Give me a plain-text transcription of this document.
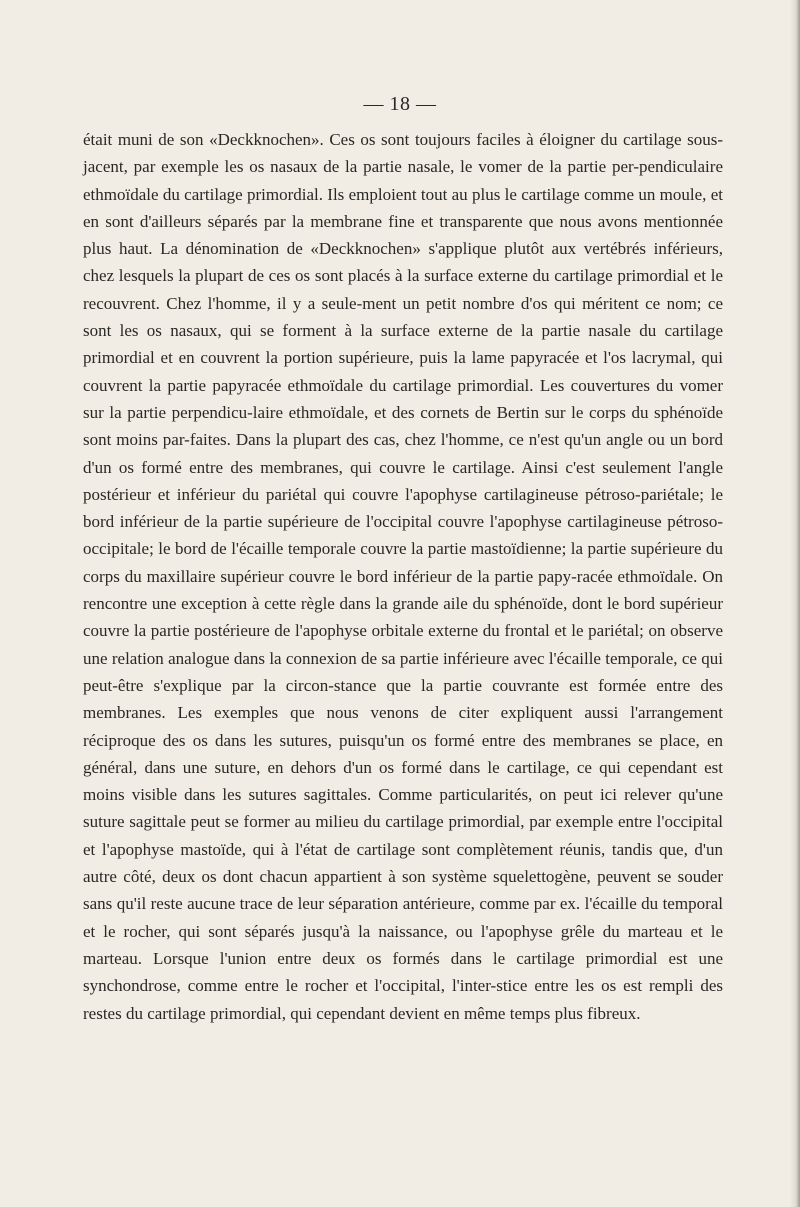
— 18 —

était muni de son «Deckknochen». Ces os sont toujours faciles à éloigner du cartilage sous-jacent, par exemple les os nasaux de la partie nasale, le vomer de la partie per-pendiculaire ethmoïdale du cartilage primordial. Ils emploient tout au plus le cartilage comme un moule, et en sont d'ailleurs séparés par la membrane fine et transparente que nous avons mentionnée plus haut. La dénomination de «Deckknochen» s'applique plutôt aux vertébrés inférieurs, chez lesquels la plupart de ces os sont placés à la surface externe du cartilage primordial et le recouvrent. Chez l'homme, il y a seule-ment un petit nombre d'os qui méritent ce nom; ce sont les os nasaux, qui se forment à la surface externe de la partie nasale du cartilage primordial et en couvrent la portion supérieure, puis la lame papyracée et l'os lacrymal, qui couvrent la partie papyracée ethmoïdale du cartilage primordial. Les couvertures du vomer sur la partie perpendicu-laire ethmoïdale, et des cornets de Bertin sur le corps du sphénoïde sont moins par-faites. Dans la plupart des cas, chez l'homme, ce n'est qu'un angle ou un bord d'un os formé entre des membranes, qui couvre le cartilage. Ainsi c'est seulement l'angle postérieur et inférieur du pariétal qui couvre l'apophyse cartilagineuse pétroso-pariétale; le bord inférieur de la partie supérieure de l'occipital couvre l'apophyse cartilagineuse pétroso-occipitale; le bord de l'écaille temporale couvre la partie mastoïdienne; la partie supérieure du corps du maxillaire supérieur couvre le bord inférieur de la partie papy-racée ethmoïdale. On rencontre une exception à cette règle dans la grande aile du sphénoïde, dont le bord supérieur couvre la partie postérieure de l'apophyse orbitale externe du frontal et le pariétal; on observe une relation analogue dans la connexion de sa partie inférieure avec l'écaille temporale, ce qui peut-être s'explique par la circon-stance que la partie couvrante est formée entre des membranes. Les exemples que nous venons de citer expliquent aussi l'arrangement réciproque des os dans les sutures, puisqu'un os formé entre des membranes se place, en général, dans une suture, en dehors d'un os formé dans le cartilage, ce qui cependant est moins visible dans les sutures sagittales. Comme particularités, on peut ici relever qu'une suture sagittale peut se former au milieu du cartilage primordial, par exemple entre l'occipital et l'apophyse mastoïde, qui à l'état de cartilage sont complètement réunis, tandis que, d'un autre côté, deux os dont chacun appartient à son système squelettogène, peuvent se souder sans qu'il reste aucune trace de leur séparation antérieure, comme par ex. l'écaille du temporal et le rocher, qui sont séparés jusqu'à la naissance, ou l'apophyse grêle du marteau et le marteau. Lorsque l'union entre deux os formés dans le cartilage primordial est une synchondrose, comme entre le rocher et l'occipital, l'inter-stice entre les os est rempli des restes du cartilage primordial, qui cependant devient en même temps plus fibreux.
